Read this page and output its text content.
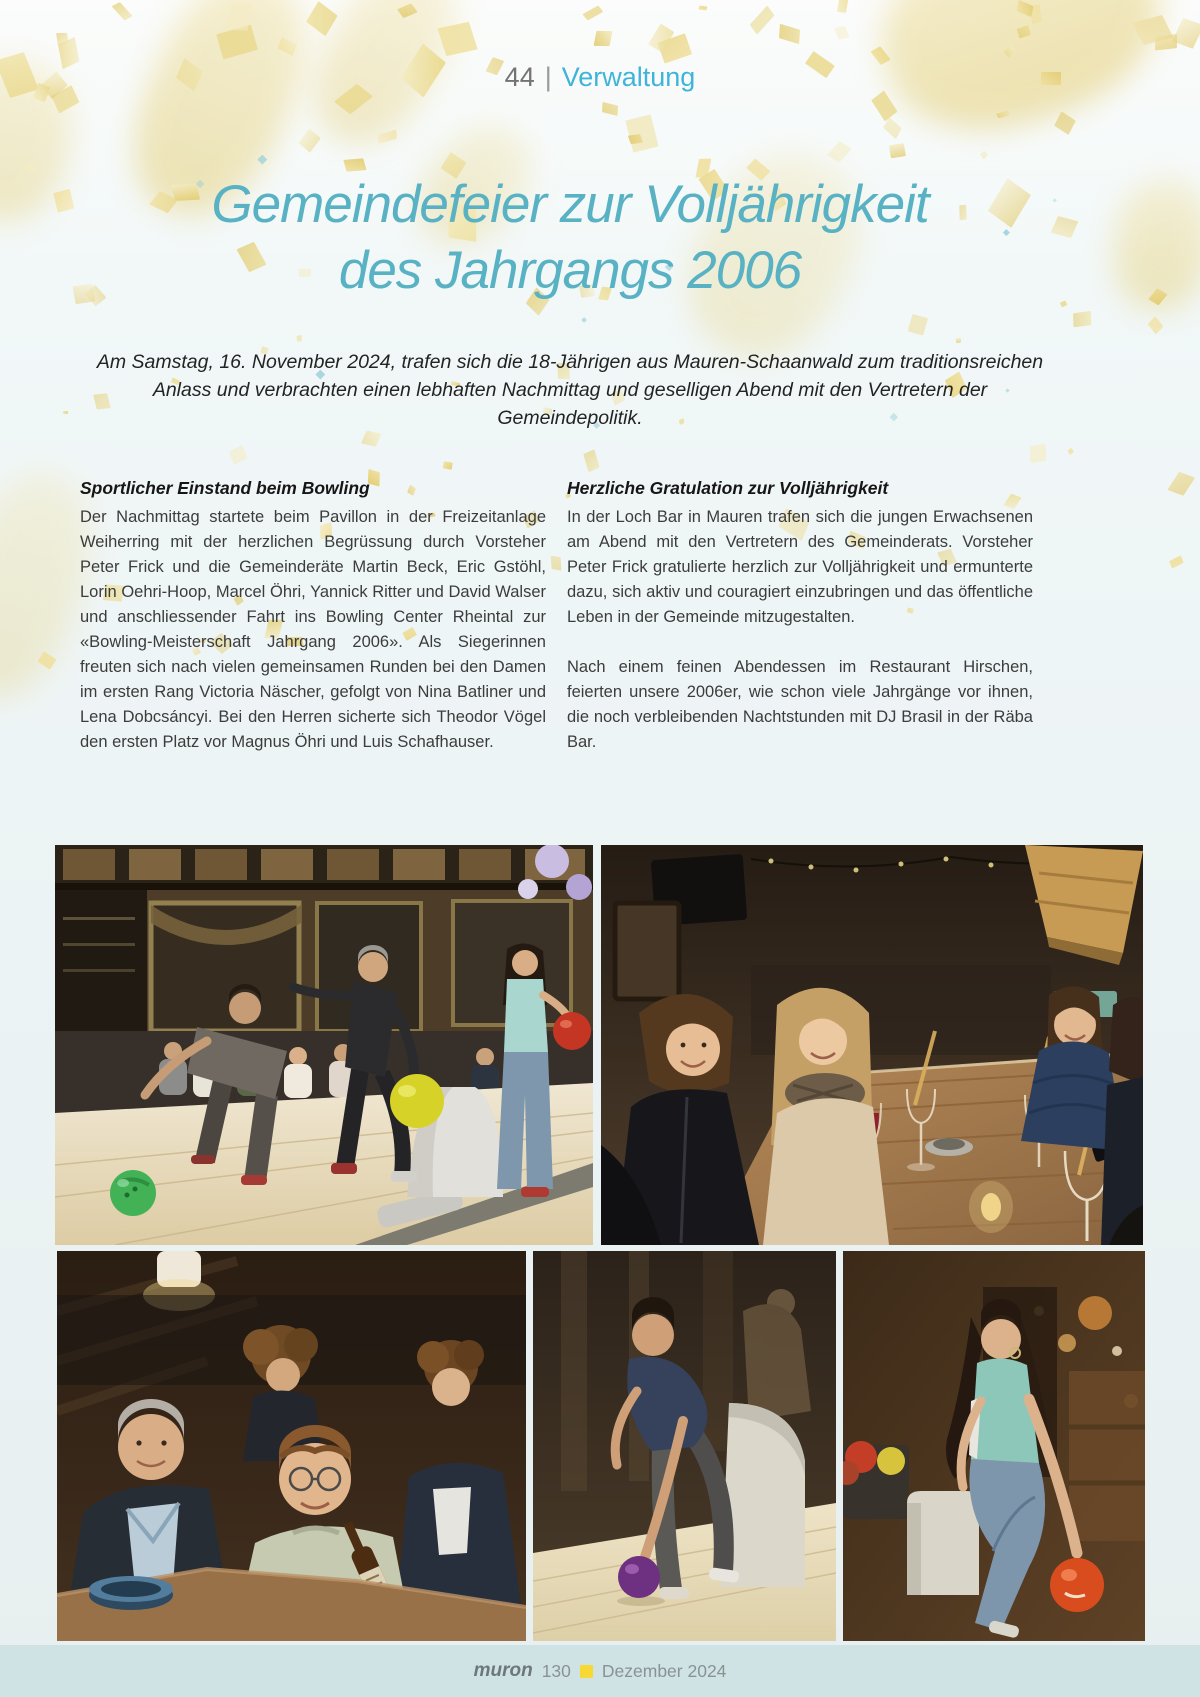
44 | Verwaltung
Gemeindefeier zur Volljährigkeit
des Jahrgangs 2006

Am Samstag, 16. November 2024, trafen sich die 18-Jährigen aus Mauren-Schaanwald zum traditionsreichen Anlass und verbrachten einen lebhaften Nachmittag und geselligen Abend mit den Vertretern der Gemeindepolitik.

Sportlicher Einstand beim Bowling

Der Nachmittag startete beim Pavillon in der Freizeitanlage Weiherring mit der herzlichen Begrüssung durch Vorsteher Peter Frick und die Gemeinderäte Martin Beck, Eric Gstöhl, Lorin Oehri-Hoop, Marcel Öhri, Yannick Ritter und David Walser und anschliessender Fahrt ins Bowling Center Rheintal zur «Bowling-Meisterschaft Jahrgang 2006». Als Siegerinnen freuten sich nach vielen gemeinsamen Runden bei den Damen im ersten Rang Victoria Näscher, gefolgt von Nina Batliner und Lena Dobcsáncyi. Bei den Herren sicherte sich Theodor Vögel den ersten Platz vor Magnus Öhri und Luis Schafhauser.

Herzliche Gratulation zur Volljährigkeit

In der Loch Bar in Mauren trafen sich die jungen Erwachsenen am Abend mit den Vertretern des Gemeinderats. Vorsteher Peter Frick gratulierte herzlich zur Volljährigkeit und ermunterte dazu, sich aktiv und couragiert einzubringen und das öffentliche Leben in der Gemeinde mitzugestalten.

Nach einem feinen Abendessen im Restaurant Hirschen, feierten unsere 2006er, wie schon viele Jahrgänge vor ihnen, die noch verbleibenden Nachtstunden mit DJ Brasil in der Räba Bar.

muron 130 Dezember 2024
